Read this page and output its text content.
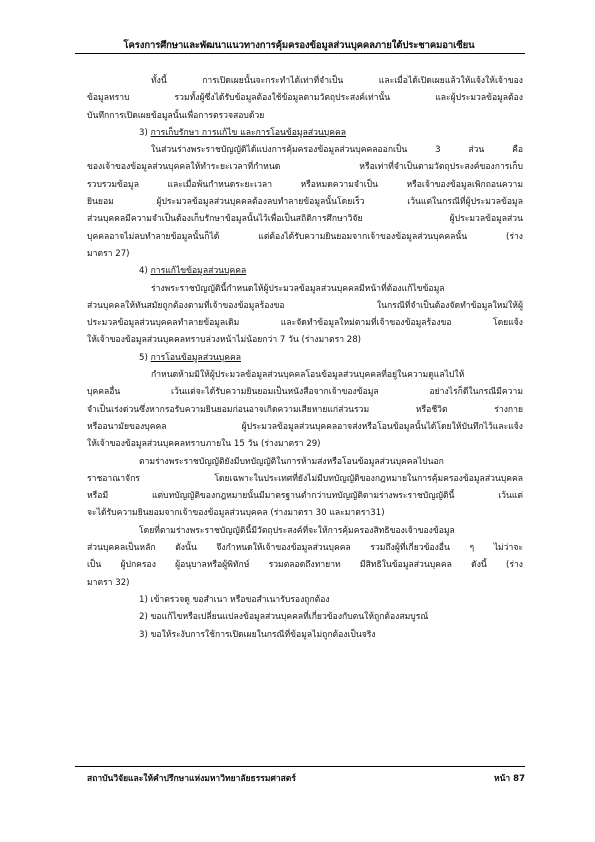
โครงการศึกษาและพัฒนาแนวทางการคุ้มครองข้อมูลส่วนบุคคลภายใต้ประชาคมอาเซียน
ทั้งนี้ การเปิดเผยนั้นจะกระทำได้เท่าที่จำเป็น และเมื่อได้เปิดเผยแล้วให้แจ้งให้เจ้าของ
ข้อมูลทราบ รวมทั้งผู้ซึ่งได้รับข้อมูลต้องใช้ข้อมูลตามวัตถุประสงค์เท่านั้น และผู้ประมวลข้อมูลต้อง
บันทึกการเปิดเผยข้อมูลนั้นเพื่อการตรวจสอบด้วย
3) การเก็บรักษา การแก้ไข และการโอนข้อมูลส่วนบุคคล
ในส่วนร่างพระราชบัญญัติได้แบ่งการคุ้มครองข้อมูลส่วนบุคคลออกเป็น 3 ส่วน คือ
ของเจ้าของข้อมูลส่วนบุคคลให้ทำระยะเวลาที่กำหนด หรือเท่าที่จำเป็นตามวัตถุประสงค์ของการเก็บ
รวบรวมข้อมูล และเมื่อพ้นกำหนดระยะเวลา หรือหมดความจำเป็น หรือเจ้าของข้อมูลเพิกถอนความ
ยินยอม ผู้ประมวลข้อมูลส่วนบุคคลต้องลบทำลายข้อมูลนั้นโดยเร็ว เว้นแต่ในกรณีที่ผู้ประมวลข้อมูล
ส่วนบุคคลมีความจำเป็นต้องเก็บรักษาข้อมูลนั้นไว้เพื่อเป็นสถิติการศึกษาวิจัย ผู้ประมวลข้อมูลส่วน
บุคคลอาจไม่ลบทำลายข้อมูลนั้นก็ได้ แต่ต้องได้รับความยินยอมจากเจ้าของข้อมูลส่วนบุคคลนั้น (ร่าง
มาตรา 27)
4) การแก้ไขข้อมูลส่วนบุคคล
ร่างพระราชบัญญัตินี้กำหนดให้ผู้ประมวลข้อมูลส่วนบุคคลมีหน้าที่ต้องแก้ไขข้อมูล
ส่วนบุคคลให้ทันสมัยถูกต้องตามที่เจ้าของข้อมูลร้องขอ ในกรณีที่จำเป็นต้องจัดทำข้อมูลใหม่ให้ผู้
ประมวลข้อมูลส่วนบุคคลทำลายข้อมูลเดิม และจัดทำข้อมูลใหม่ตามที่เจ้าของข้อมูลร้องขอ โดยแจ้ง
ให้เจ้าของข้อมูลส่วนบุคคลทราบล่วงหน้าไม่น้อยกว่า 7 วัน (ร่างมาตรา 28)
5) การโอนข้อมูลส่วนบุคคล
กำหนดห้ามมิให้ผู้ประมวลข้อมูลส่วนบุคคลโอนข้อมูลส่วนบุคคลที่อยู่ในความดูแลไปให้
บุคคลอื่น เว้นแต่จะได้รับความยินยอมเป็นหนังสือจากเจ้าของข้อมูล อย่างไรก็ดีในกรณีมีความ
จำเป็นเร่งด่วนซึ่งหากรอรับความยินยอมก่อนอาจเกิดความเสียหายแก่ส่วนรวม หรือชีวิต ร่างกาย
หรืออนามัยของบุคคล ผู้ประมวลข้อมูลส่วนบุคคลอาจส่งหรือโอนข้อมูลนั้นได้โดยให้บันทึกไว้และแจ้ง
ให้เจ้าของข้อมูลส่วนบุคคลทราบภายใน 15 วัน (ร่างมาตรา 29)
ตามร่างพระราชบัญญัติยังมีบทบัญญัติในการห้ามส่งหรือโอนข้อมูลส่วนบุคคลไปนอก
ราชอาณาจักร โดยเฉพาะในประเทศที่ยังไม่มีบทบัญญัติของกฎหมายในการคุ้มครองข้อมูลส่วนบุคคล
หรือมี แต่บทบัญญัติของกฎหมายนั้นมีมาตรฐานต่ำกว่าบทบัญญัติตามร่างพระราชบัญญัตินี้ เว้นแต่
จะได้รับความยินยอมจากเจ้าของข้อมูลส่วนบุคคล (ร่างมาตรา 30 และมาตรา31)
โดยที่ตามร่างพระราชบัญญัตินี้มีวัตถุประสงค์ที่จะให้การคุ้มครองสิทธิของเจ้าของข้อมูล
ส่วนบุคคลเป็นหลัก ดังนั้น จึงกำหนดให้เจ้าของข้อมูลส่วนบุคคล รวมถึงผู้ที่เกี่ยวข้องอื่น ๆ ไม่ว่าจะ
เป็น ผู้ปกครอง ผู้อนุบาลหรือผู้พิทักษ์ รวมตลอดถึงทายาท มีสิทธิในข้อมูลส่วนบุคคล ดังนี้ (ร่าง
มาตรา 32)
1) เข้าตรวจดู ขอสำเนา หรือขอสำเนารับรองถูกต้อง
2) ขอแก้ไขหรือเปลี่ยนแปลงข้อมูลส่วนบุคคลที่เกี่ยวข้องกับตนให้ถูกต้องสมบูรณ์
3) ขอให้ระงับการใช้การเปิดเผยในกรณีที่ข้อมูลไม่ถูกต้องเป็นจริง
สถาบันวิจัยและให้คำปรึกษาแห่งมหาวิทยาลัยธรรมศาสตร์	หน้า 87
